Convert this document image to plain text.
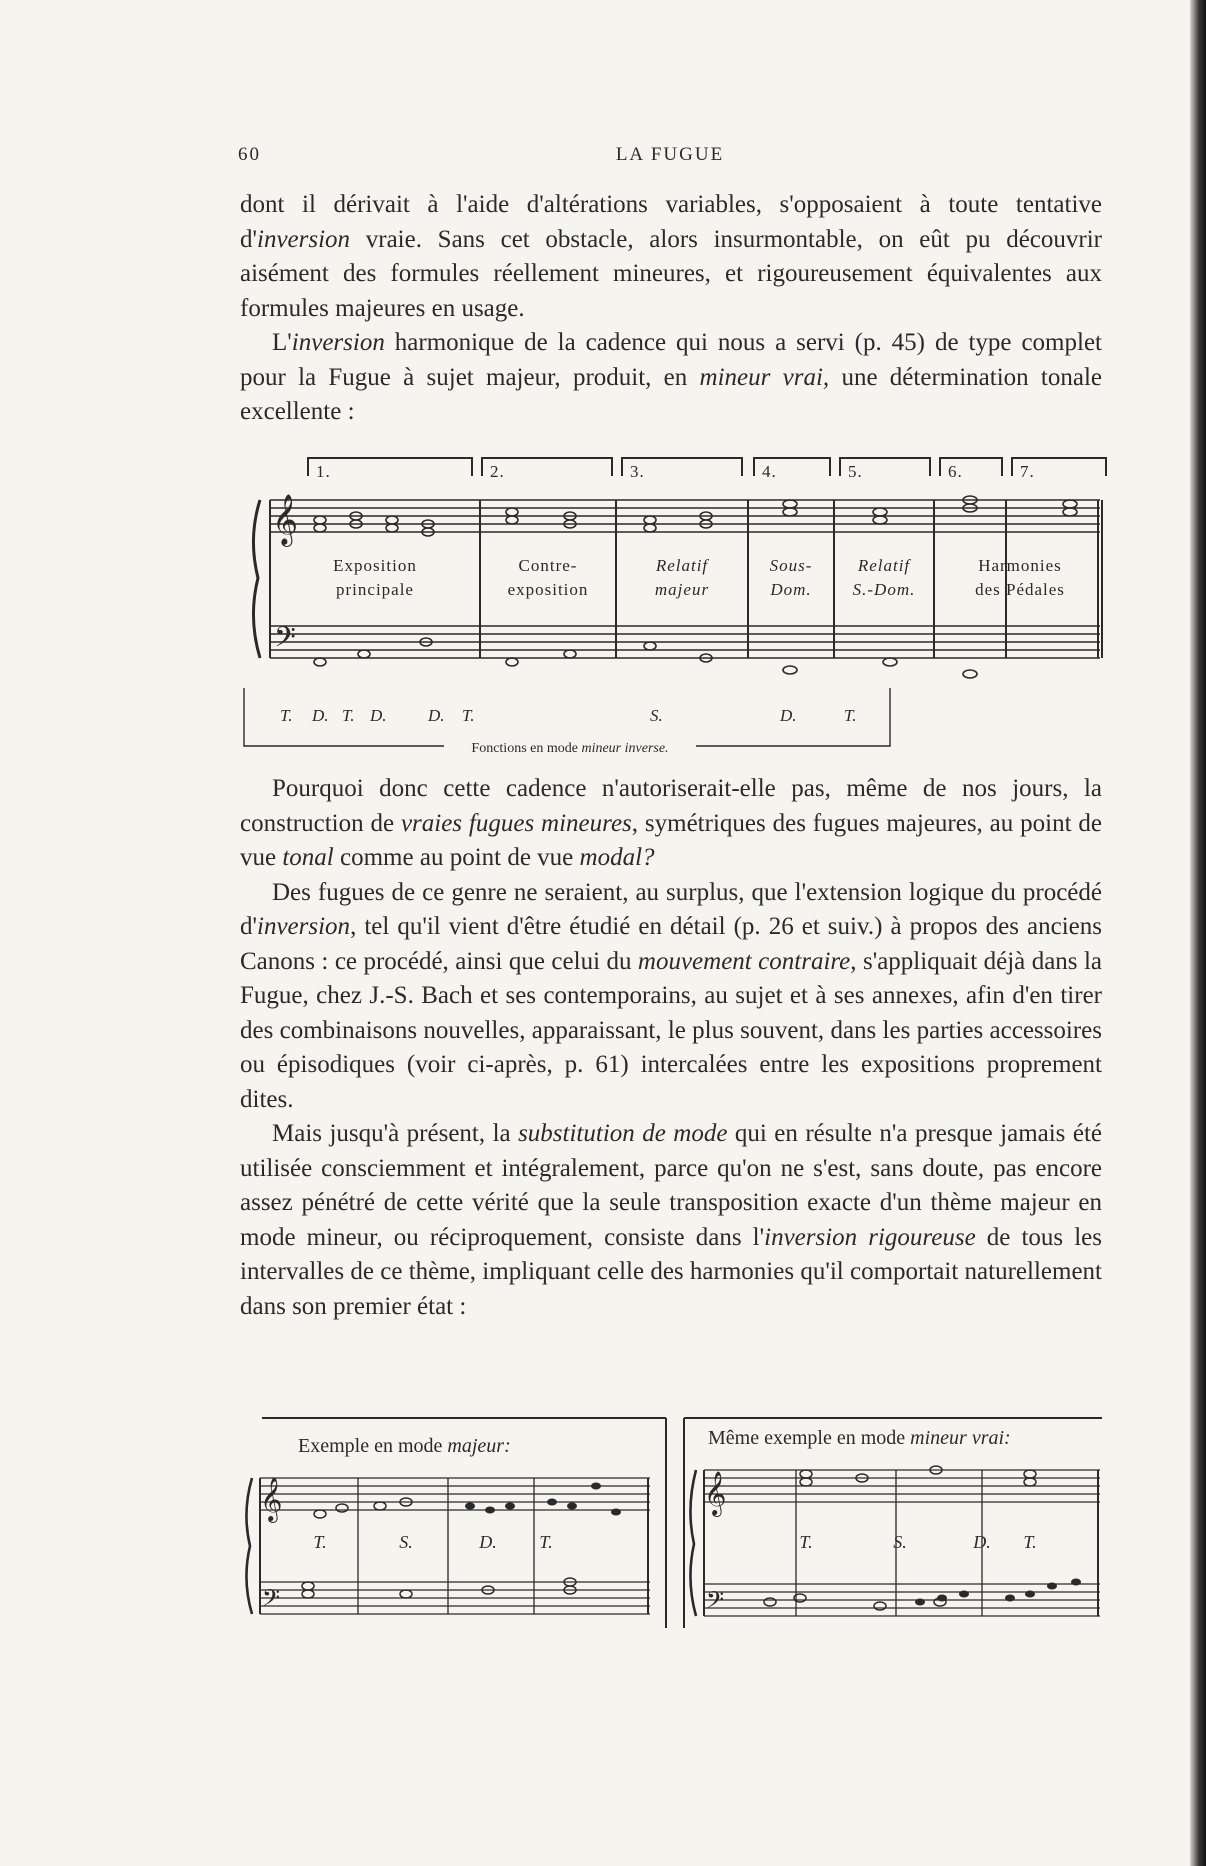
60	LA FUGUE

dont il dérivait à l'aide d'altérations variables, s'opposaient à toute tentative d'inversion vraie. Sans cet obstacle, alors insurmontable, on eût pu découvrir aisément des formules réellement mineures, et rigoureusement équivalentes aux formules majeures en usage.

L'inversion harmonique de la cadence qui nous a servi (p. 45) de type complet pour la Fugue à sujet majeur, produit, en mineur vrai, une détermination tonale excellente :

1.	2.	3.	4.	5.	6.	7.
𝄞
𝄢
Exposition
principale
Contre-
exposition
Relatif
majeur
Sous-
Dom.
Relatif
S.-Dom.
Harmonies
des Pédales
T. D. T. D. D. T.	S.	D.	T.
Fonctions en mode mineur inverse.

Pourquoi donc cette cadence n'autoriserait-elle pas, même de nos jours, la construction de vraies fugues mineures, symétriques des fugues majeures, au point de vue tonal comme au point de vue modal?

Des fugues de ce genre ne seraient, au surplus, que l'extension logique du procédé d'inversion, tel qu'il vient d'être étudié en détail (p. 26 et suiv.) à propos des anciens Canons : ce procédé, ainsi que celui du mouvement contraire, s'appliquait déjà dans la Fugue, chez J.-S. Bach et ses contemporains, au sujet et à ses annexes, afin d'en tirer des combinaisons nouvelles, apparaissant, le plus souvent, dans les parties accessoires ou épisodiques (voir ci-après, p. 61) intercalées entre les expositions proprement dites.

Mais jusqu'à présent, la substitution de mode qui en résulte n'a presque jamais été utilisée consciemment et intégralement, parce qu'on ne s'est, sans doute, pas encore assez pénétré de cette vérité que la seule transposition exacte d'un thème majeur en mode mineur, ou réciproquement, consiste dans l'inversion rigoureuse de tous les intervalles de ce thème, impliquant celle des harmonies qu'il comportait naturellement dans son premier état :

Exemple en mode majeur:	Même exemple en mode mineur vrai:
𝄞
𝄢
T.	S.	D. T.
𝄞
𝄢
T.	S.	D. T.
